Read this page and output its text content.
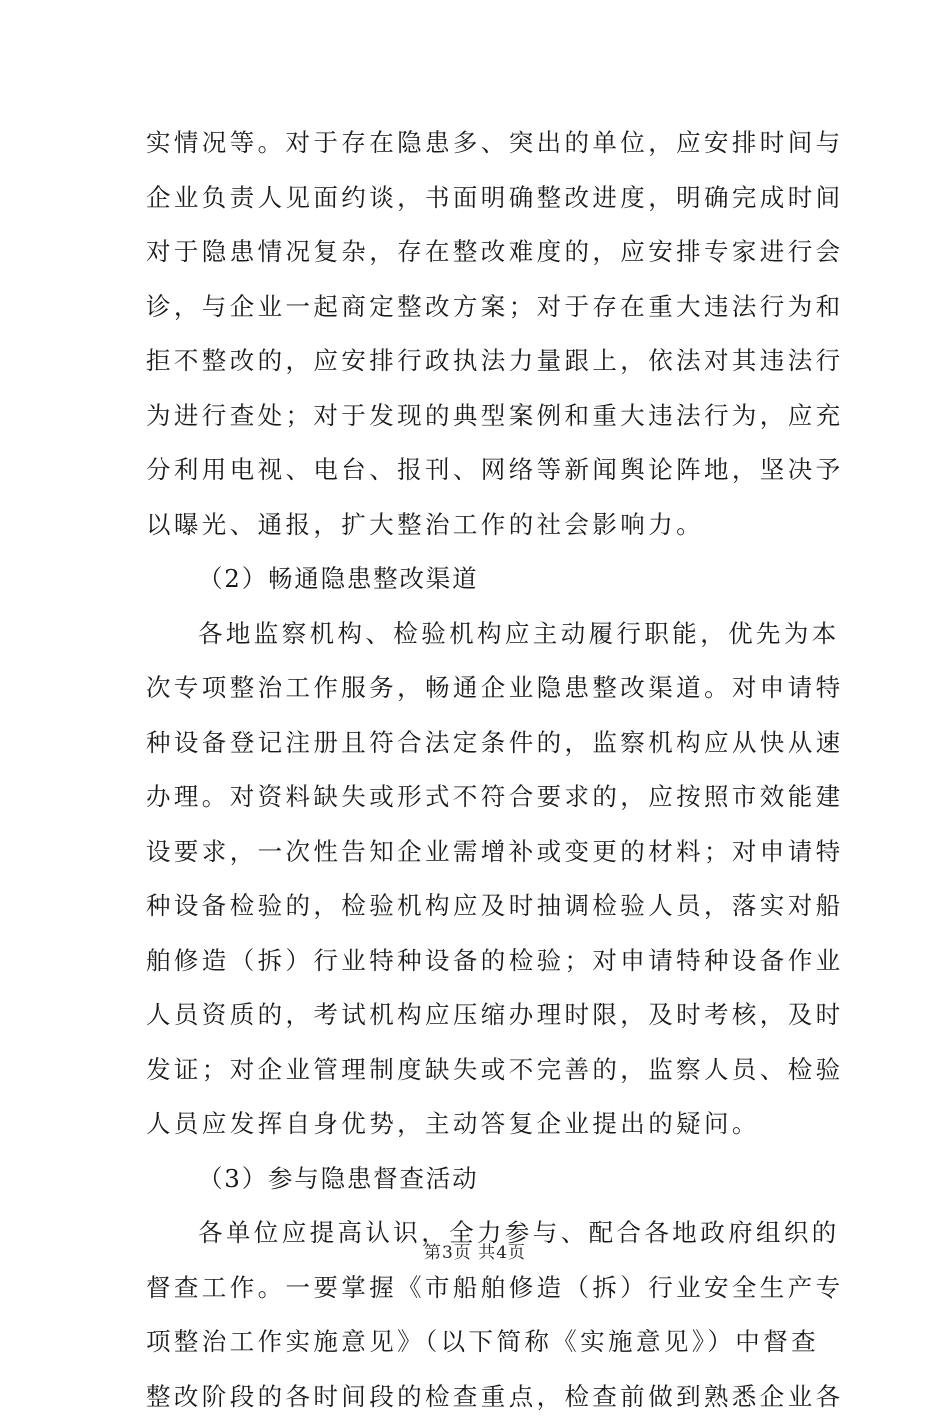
实情况等。对于存在隐患多、突出的单位，应安排时间与
企业负责人见面约谈，书面明确整改进度，明确完成时间
对于隐患情况复杂，存在整改难度的，应安排专家进行会
诊，与企业一起商定整改方案；对于存在重大违法行为和
拒不整改的，应安排行政执法力量跟上，依法对其违法行
为进行查处；对于发现的典型案例和重大违法行为，应充
分利用电视、电台、报刊、网络等新闻舆论阵地，坚决予
以曝光、通报，扩大整治工作的社会影响力。
（2）畅通隐患整改渠道
各地监察机构、检验机构应主动履行职能，优先为本
次专项整治工作服务，畅通企业隐患整改渠道。对申请特
种设备登记注册且符合法定条件的，监察机构应从快从速
办理。对资料缺失或形式不符合要求的，应按照市效能建
设要求，一次性告知企业需增补或变更的材料；对申请特
种设备检验的，检验机构应及时抽调检验人员，落实对船
舶修造（拆）行业特种设备的检验；对申请特种设备作业
人员资质的，考试机构应压缩办理时限，及时考核，及时
发证；对企业管理制度缺失或不完善的，监察人员、检验
人员应发挥自身优势，主动答复企业提出的疑问。
（3）参与隐患督查活动
各单位应提高认识，全力参与、配合各地政府组织的
督查工作。一要掌握《市船舶修造（拆）行业安全生产专
项整治工作实施意见》（以下简称《实施意见》）中督查
整改阶段的各时间段的检查重点，检查前做到熟悉企业各
第3页 共4页
